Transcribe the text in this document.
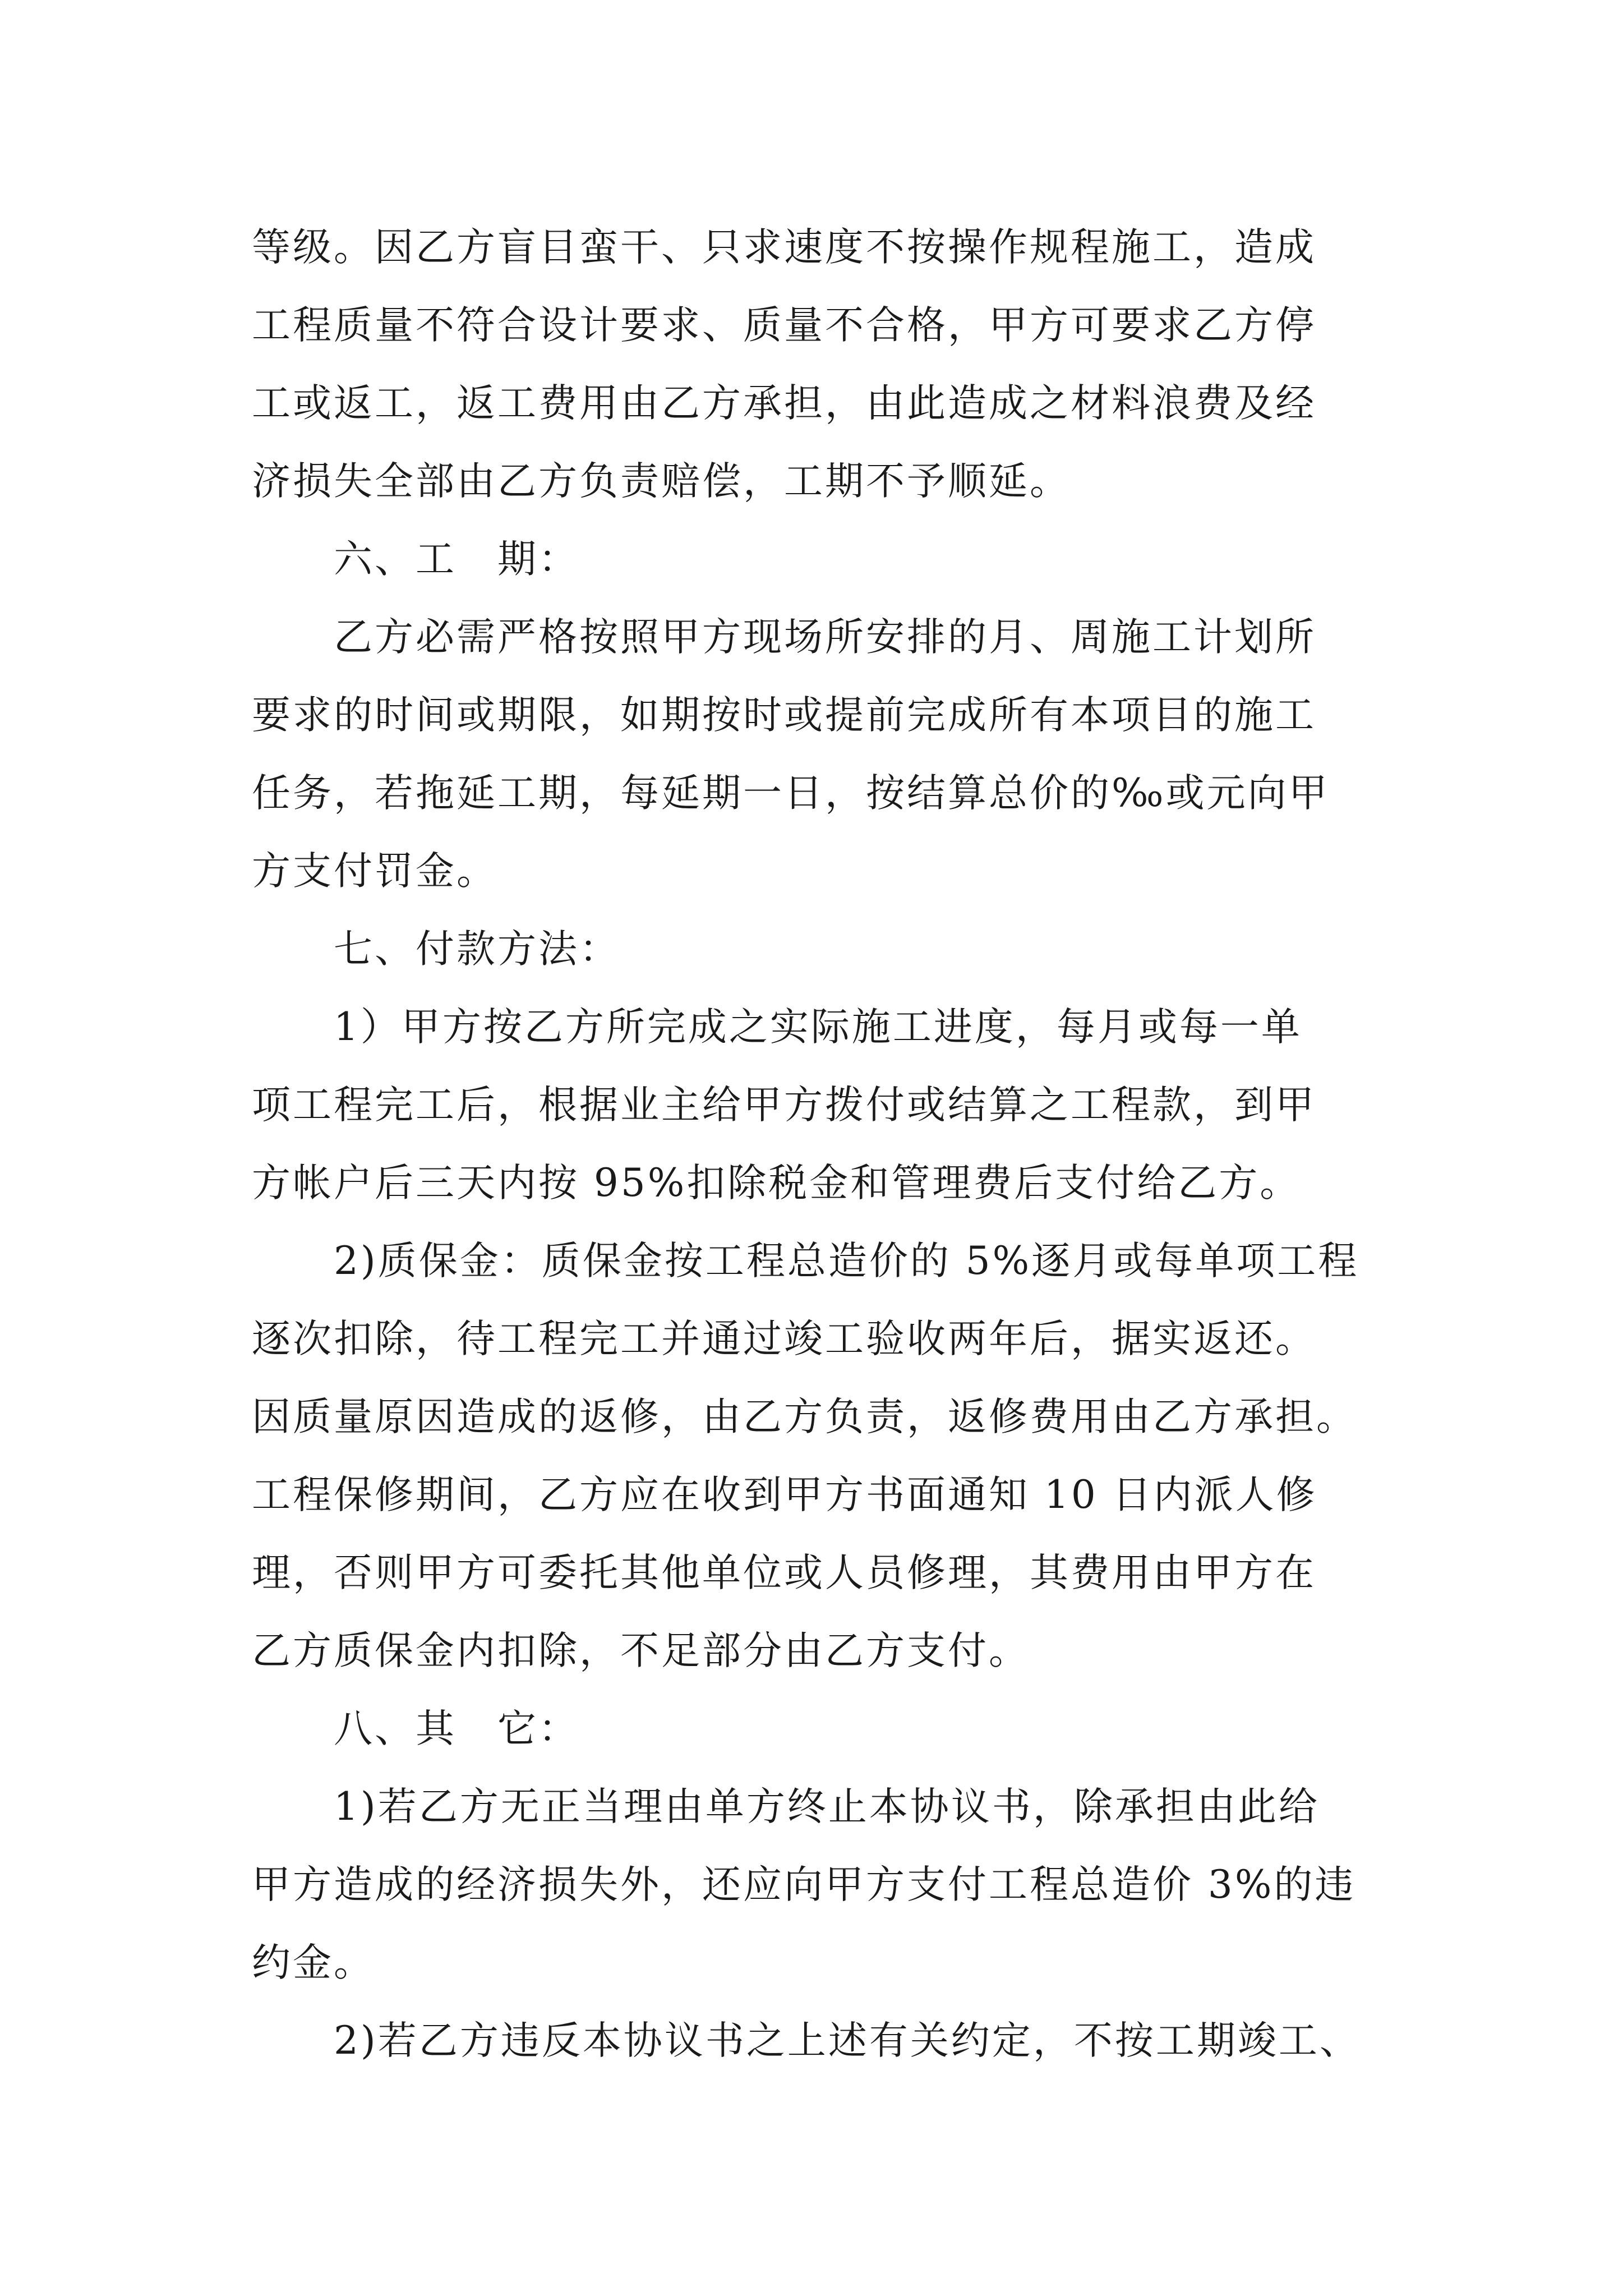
等级。因乙方盲目蛮干、只求速度不按操作规程施工，造成
工程质量不符合设计要求、质量不合格，甲方可要求乙方停
工或返工，返工费用由乙方承担，由此造成之材料浪费及经
济损失全部由乙方负责赔偿，工期不予顺延。
六、工　期：
乙方必需严格按照甲方现场所安排的月、周施工计划所
要求的时间或期限，如期按时或提前完成所有本项目的施工
任务，若拖延工期，每延期一日，按结算总价的‰或元向甲
方支付罚金。
七、付款方法：
1）甲方按乙方所完成之实际施工进度，每月或每一单
项工程完工后，根据业主给甲方拨付或结算之工程款，到甲
方帐户后三天内按 95%扣除税金和管理费后支付给乙方。
2)质保金：质保金按工程总造价的 5%逐月或每单项工程
逐次扣除，待工程完工并通过竣工验收两年后，据实返还。
因质量原因造成的返修，由乙方负责，返修费用由乙方承担。
工程保修期间，乙方应在收到甲方书面通知 10 日内派人修
理，否则甲方可委托其他单位或人员修理，其费用由甲方在
乙方质保金内扣除，不足部分由乙方支付。
八、其　它：
1)若乙方无正当理由单方终止本协议书，除承担由此给
甲方造成的经济损失外，还应向甲方支付工程总造价 3%的违
约金。
2)若乙方违反本协议书之上述有关约定，不按工期竣工、
